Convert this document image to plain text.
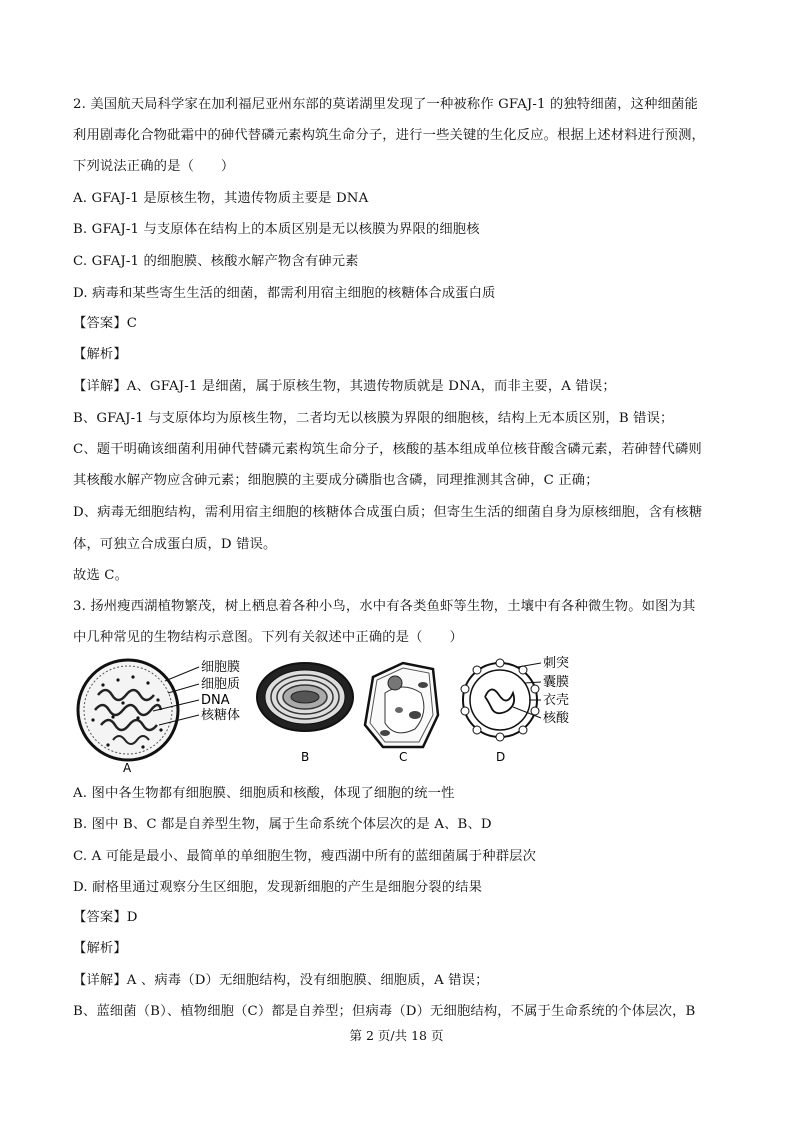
2. 美国航天局科学家在加利福尼亚州东部的莫诺湖里发现了一种被称作 GFAJ-1 的独特细菌，这种细菌能
利用剧毒化合物砒霜中的砷代替磷元素构筑生命分子，进行一些关键的生化反应。根据上述材料进行预测，
下列说法正确的是（　　）
A. GFAJ-1 是原核生物，其遗传物质主要是 DNA
B. GFAJ-1 与支原体在结构上的本质区别是无以核膜为界限的细胞核
C. GFAJ-1 的细胞膜、核酸水解产物含有砷元素
D. 病毒和某些寄生生活的细菌，都需利用宿主细胞的核糖体合成蛋白质
【答案】C
【解析】
【详解】A、GFAJ-1 是细菌，属于原核生物，其遗传物质就是 DNA，而非主要，A 错误；
B、GFAJ-1 与支原体均为原核生物，二者均无以核膜为界限的细胞核，结构上无本质区别，B 错误；
C、题干明确该细菌利用砷代替磷元素构筑生命分子，核酸的基本组成单位核苷酸含磷元素，若砷替代磷则
其核酸水解产物应含砷元素；细胞膜的主要成分磷脂也含磷，同理推测其含砷，C 正确；
D、病毒无细胞结构，需利用宿主细胞的核糖体合成蛋白质；但寄生生活的细菌自身为原核细胞，含有核糖
体，可独立合成蛋白质，D 错误。
故选 C。
3. 扬州瘦西湖植物繁茂，树上栖息着各种小鸟，水中有各类鱼虾等生物，土壤中有各种微生物。如图为其
中几种常见的生物结构示意图。下列有关叙述中正确的是（　　）
细胞膜
细胞质
DNA
核糖体
A
B	C
刺突
囊膜
衣壳
核酸
D
A. 图中各生物都有细胞膜、细胞质和核酸，体现了细胞的统一性
B. 图中 B、C 都是自养型生物，属于生命系统个体层次的是 A、B、D
C. A 可能是最小、最简单的单细胞生物，瘦西湖中所有的蓝细菌属于种群层次
D. 耐格里通过观察分生区细胞，发现新细胞的产生是细胞分裂的结果
【答案】D
【解析】
【详解】A 、病毒（D）无细胞结构，没有细胞膜、细胞质，A 错误；
B、蓝细菌（B）、植物细胞（C）都是自养型；但病毒（D）无细胞结构，不属于生命系统的个体层次，B
第 2 页/共 18 页
